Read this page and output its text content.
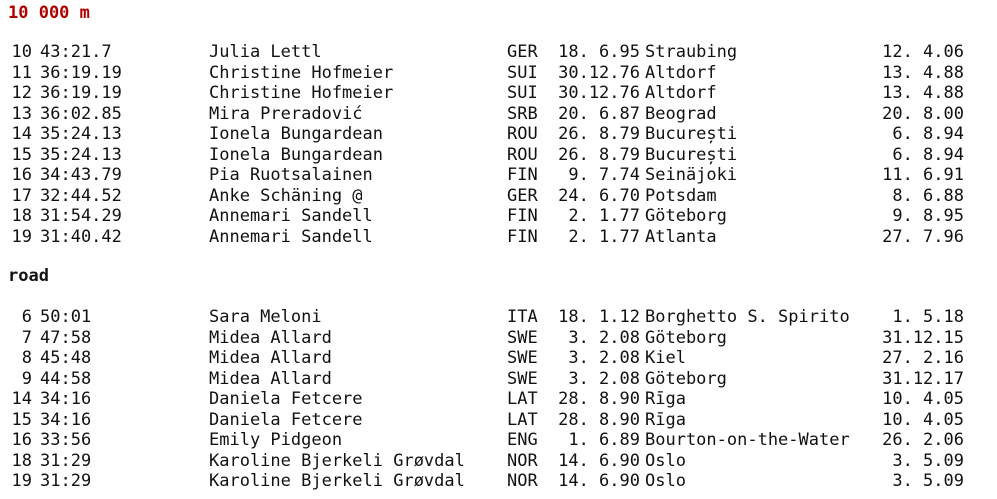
10 000 m
10 43:21.7	Julia Lettl	GER	18. 6.95 Straubing	12. 4.06
11 36:19.19	Christine Hofmeier	SUI	30.12.76 Altdorf	13. 4.88
12 36:19.19	Christine Hofmeier	SUI	30.12.76 Altdorf	13. 4.88
13 36:02.85	Mira Preradović	SRB	20. 6.87 Beograd	20. 8.00
14 35:24.13	Ionela Bungardean	ROU	26. 8.79 București	6. 8.94
15 35:24.13	Ionela Bungardean	ROU	26. 8.79 București	6. 8.94
16 34:43.79	Pia Ruotsalainen	FIN	9. 7.74 Seinäjoki	11. 6.91
17 32:44.52	Anke Schäning @	GER	24. 6.70 Potsdam	8. 6.88
18 31:54.29	Annemari Sandell	FIN	2. 1.77 Göteborg	9. 8.95
19 31:40.42	Annemari Sandell	FIN	2. 1.77 Atlanta	27. 7.96
road
6 50:01	Sara Meloni	ITA	18. 1.12 Borghetto S. Spirito	1. 5.18
7 47:58	Midea Allard	SWE	3. 2.08 Göteborg	31.12.15
8 45:48	Midea Allard	SWE	3. 2.08 Kiel	27. 2.16
9 44:58	Midea Allard	SWE	3. 2.08 Göteborg	31.12.17
14 34:16	Daniela Fetcere	LAT	28. 8.90 Rīga	10. 4.05
15 34:16	Daniela Fetcere	LAT	28. 8.90 Rīga	10. 4.05
16 33:56	Emily Pidgeon	ENG	1. 6.89 Bourton-on-the-Water 26. 2.06
18 31:29	Karoline Bjerkeli Grøvdal NOR	14. 6.90 Oslo	3. 5.09
19 31:29	Karoline Bjerkeli Grøvdal NOR	14. 6.90 Oslo	3. 5.09
